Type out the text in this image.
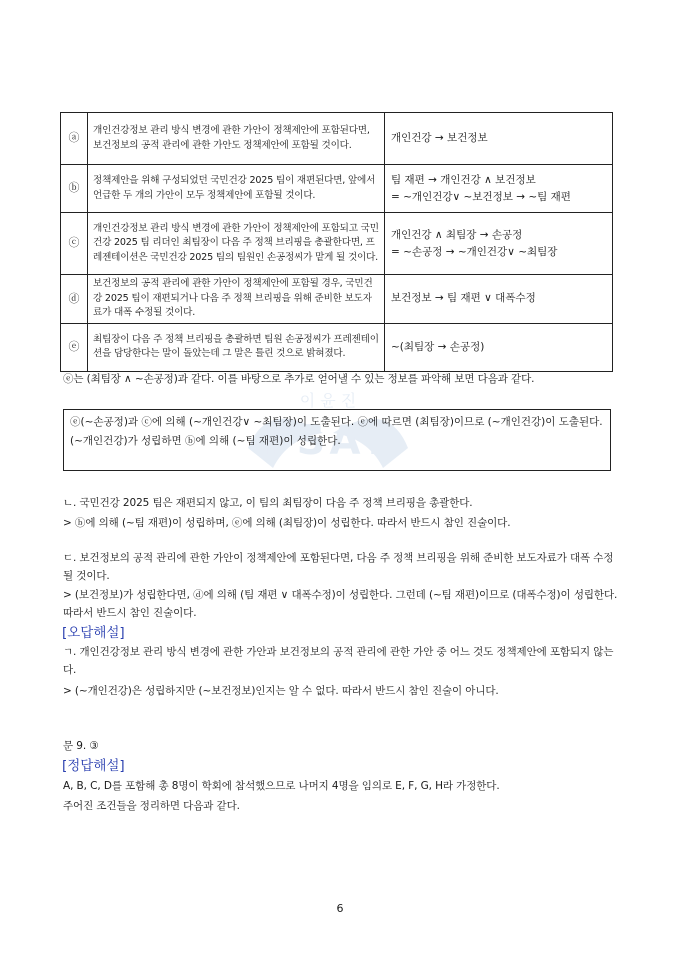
이 윤 진
PSAT
ⓐ	개인건강정보 관리 방식 변경에 관한 가안이 정책제안에 포함된다면, 보건정보의 공적 관리에 관한 가안도 정책제안에 포함될 것이다.	개인건강 → 보건정보

ⓑ	정책제안을 위해 구성되었던 국민건강 2025 팀이 재편된다면, 앞에서 언급한 두 개의 가안이 모두 정책제안에 포함될 것이다.	팀 재편 → 개인건강 ∧ 보건정보
= ~개인건강∨ ~보건정보 → ~팀 재편

ⓒ	개인건강정보 관리 방식 변경에 관한 가안이 정책제안에 포함되고 국민건강 2025 팀 리더인 최팀장이 다음 주 정책 브리핑을 총괄한다면, 프레젠테이션은 국민건강 2025 팀의 팀원인 손공정씨가 맡게 될 것이다.	개인건강 ∧ 최팀장 → 손공정
= ~손공정 → ~개인건강∨ ~최팀장

ⓓ	보건정보의 공적 관리에 관한 가안이 정책제안에 포함될 경우, 국민건강 2025 팀이 재편되거나 다음 주 정책 브리핑을 위해 준비한 보도자료가 대폭 수정될 것이다.	보건정보 → 팀 재편 ∨ 대폭수정

ⓔ	최팀장이 다음 주 정책 브리핑을 총괄하면 팀원 손공정씨가 프레젠테이션을 담당한다는 말이 돌았는데 그 말은 틀린 것으로 밝혀졌다.	~(최팀장 → 손공정)
ⓔ는 (최팀장 ∧ ~손공정)과 같다. 이를 바탕으로 추가로 얻어낼 수 있는 정보를 파악해 보면 다음과 같다.
ⓔ(~손공정)과 ⓒ에 의해 (~개인건강∨ ~최팀장)이 도출된다. ⓔ에 따르면 (최팀장)이므로 (~개인건강)이 도출된다.
(~개인건강)가 성립하면 ⓑ에 의해 (~팀 재편)이 성립한다.
ㄴ. 국민건강 2025 팀은 재편되지 않고, 이 팀의 최팀장이 다음 주 정책 브리핑을 총괄한다.
> ⓑ에 의해 (~팀 재편)이 성립하며, ⓔ에 의해 (최팀장)이 성립한다. 따라서 반드시 참인 진술이다.
ㄷ. 보건정보의 공적 관리에 관한 가안이 정책제안에 포함된다면, 다음 주 정책 브리핑을 위해 준비한 보도자료가 대폭 수정될 것이다.
> (보건정보)가 성립한다면, ⓓ에 의해 (팀 재편 ∨ 대폭수정)이 성립한다. 그런데 (~팀 재편)이므로 (대폭수정)이 성립한다. 따라서 반드시 참인 진술이다.
[오답해설]
ㄱ. 개인건강정보 관리 방식 변경에 관한 가안과 보건정보의 공적 관리에 관한 가안 중 어느 것도 정책제안에 포함되지 않는다.
> (~개인건강)은 성립하지만 (~보건정보)인지는 알 수 없다. 따라서 반드시 참인 진술이 아니다.
문 9. ③
[정답해설]
A, B, C, D를 포함해 총 8명이 학회에 참석했으므로 나머지 4명을 임의로 E, F, G, H라 가정한다.
주어진 조건들을 정리하면 다음과 같다.
6
